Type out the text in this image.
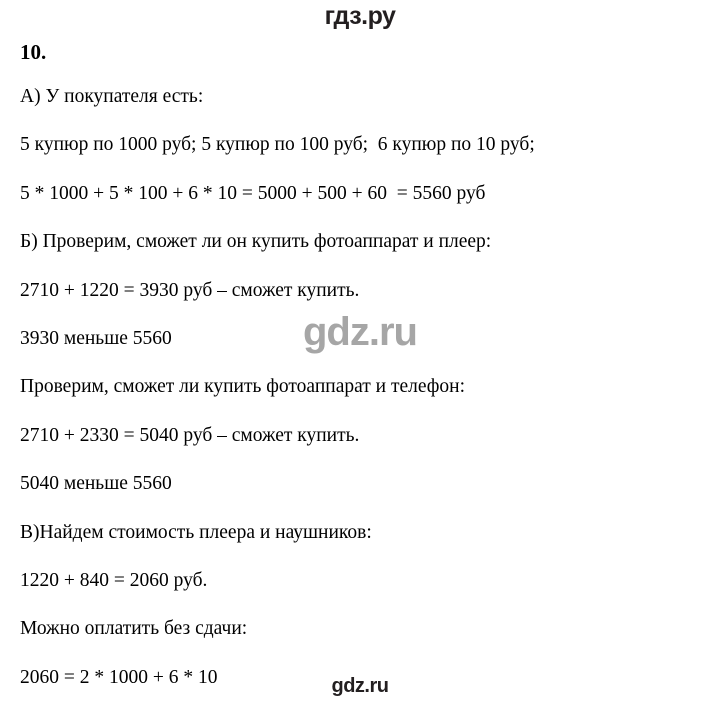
гдз.ру
10.

А) У покупателя есть:

5 купюр по 1000 руб; 5 купюр по 100 руб;  6 купюр по 10 руб;

5 * 1000 + 5 * 100 + 6 * 10 = 5000 + 500 + 60  = 5560 руб

Б) Проверим, сможет ли он купить фотоаппарат и плеер:

2710 + 1220 = 3930 руб – сможет купить.

3930 меньше 5560

Проверим, сможет ли купить фотоаппарат и телефон:

2710 + 2330 = 5040 руб – сможет купить.

5040 меньше 5560

В)Найдем стоимость плеера и наушников:

1220 + 840 = 2060 руб.

Можно оплатить без сдачи:

2060 = 2 * 1000 + 6 * 10

gdz.ru
gdz.ru
